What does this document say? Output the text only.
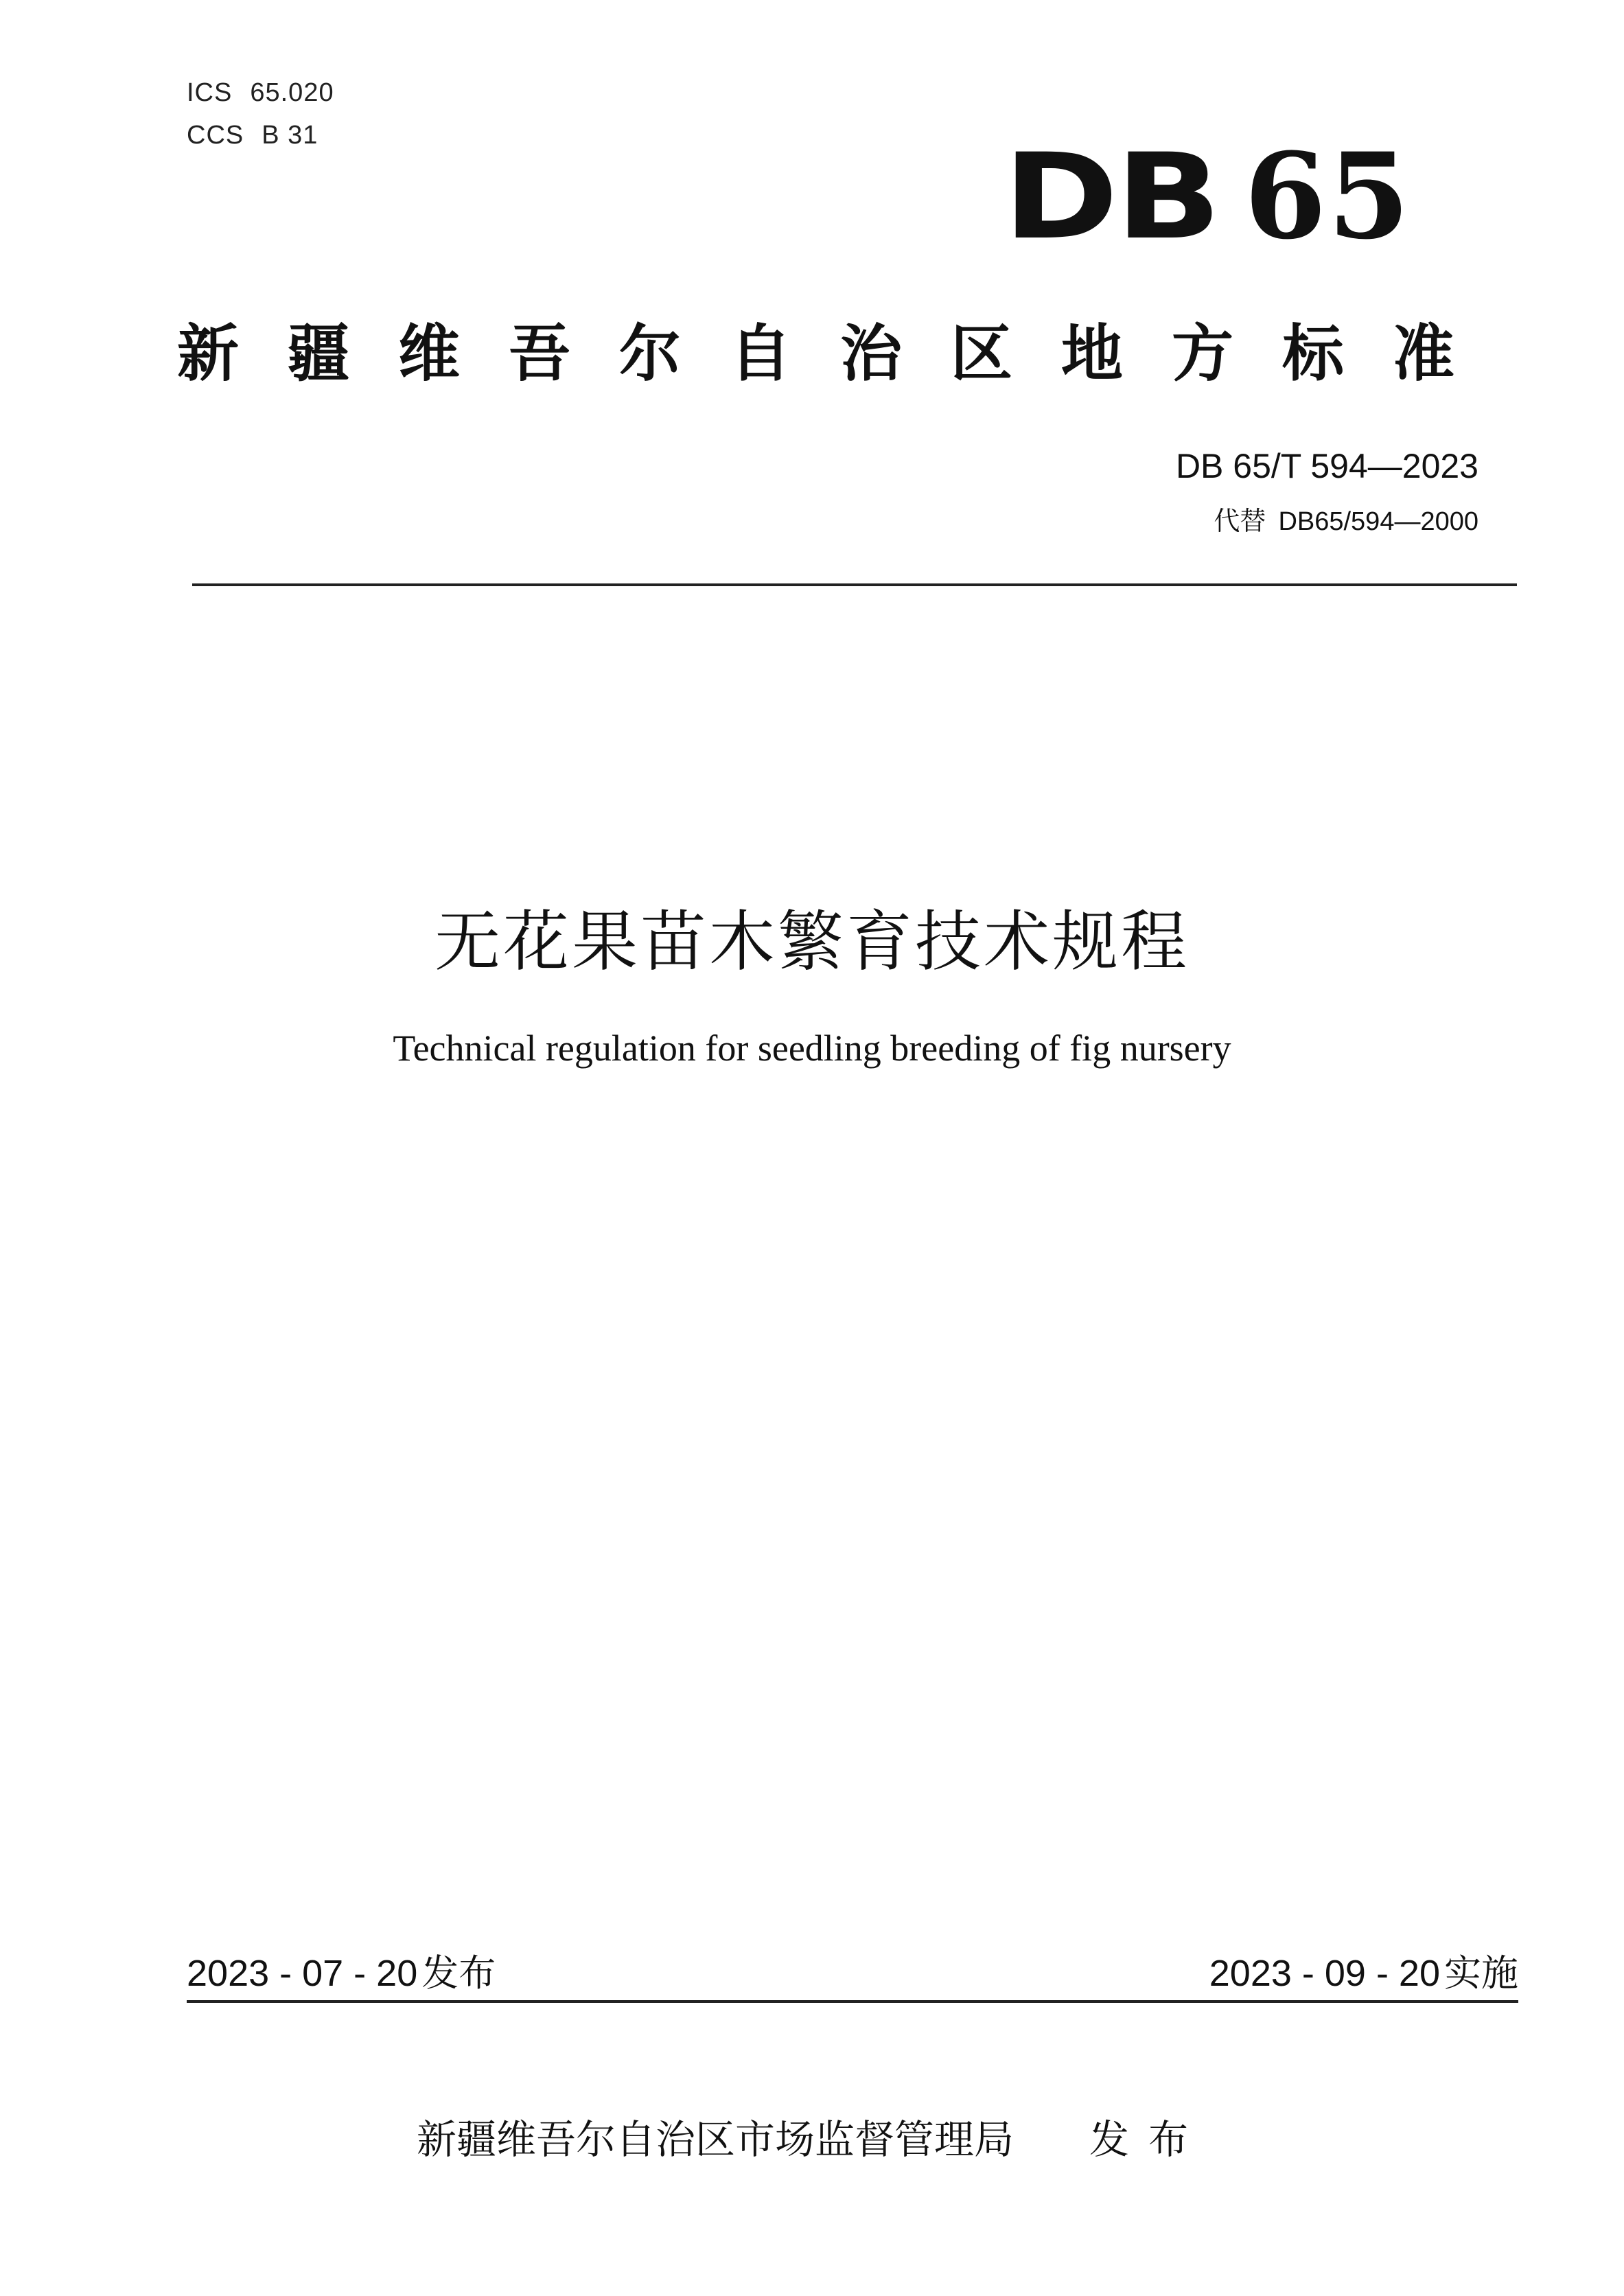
ICS 65.020
CCS B 31	DB 65
新疆维吾尔自治区地方标准
DB 65/T 594—2023
代替 DB65/594—2000
无花果苗木繁育技术规程
Technical regulation for seedling breeding of fig nursery
2023 - 07 - 20 发布	2023 - 09 - 20 实施
新疆维吾尔自治区市场监督管理局 发布
